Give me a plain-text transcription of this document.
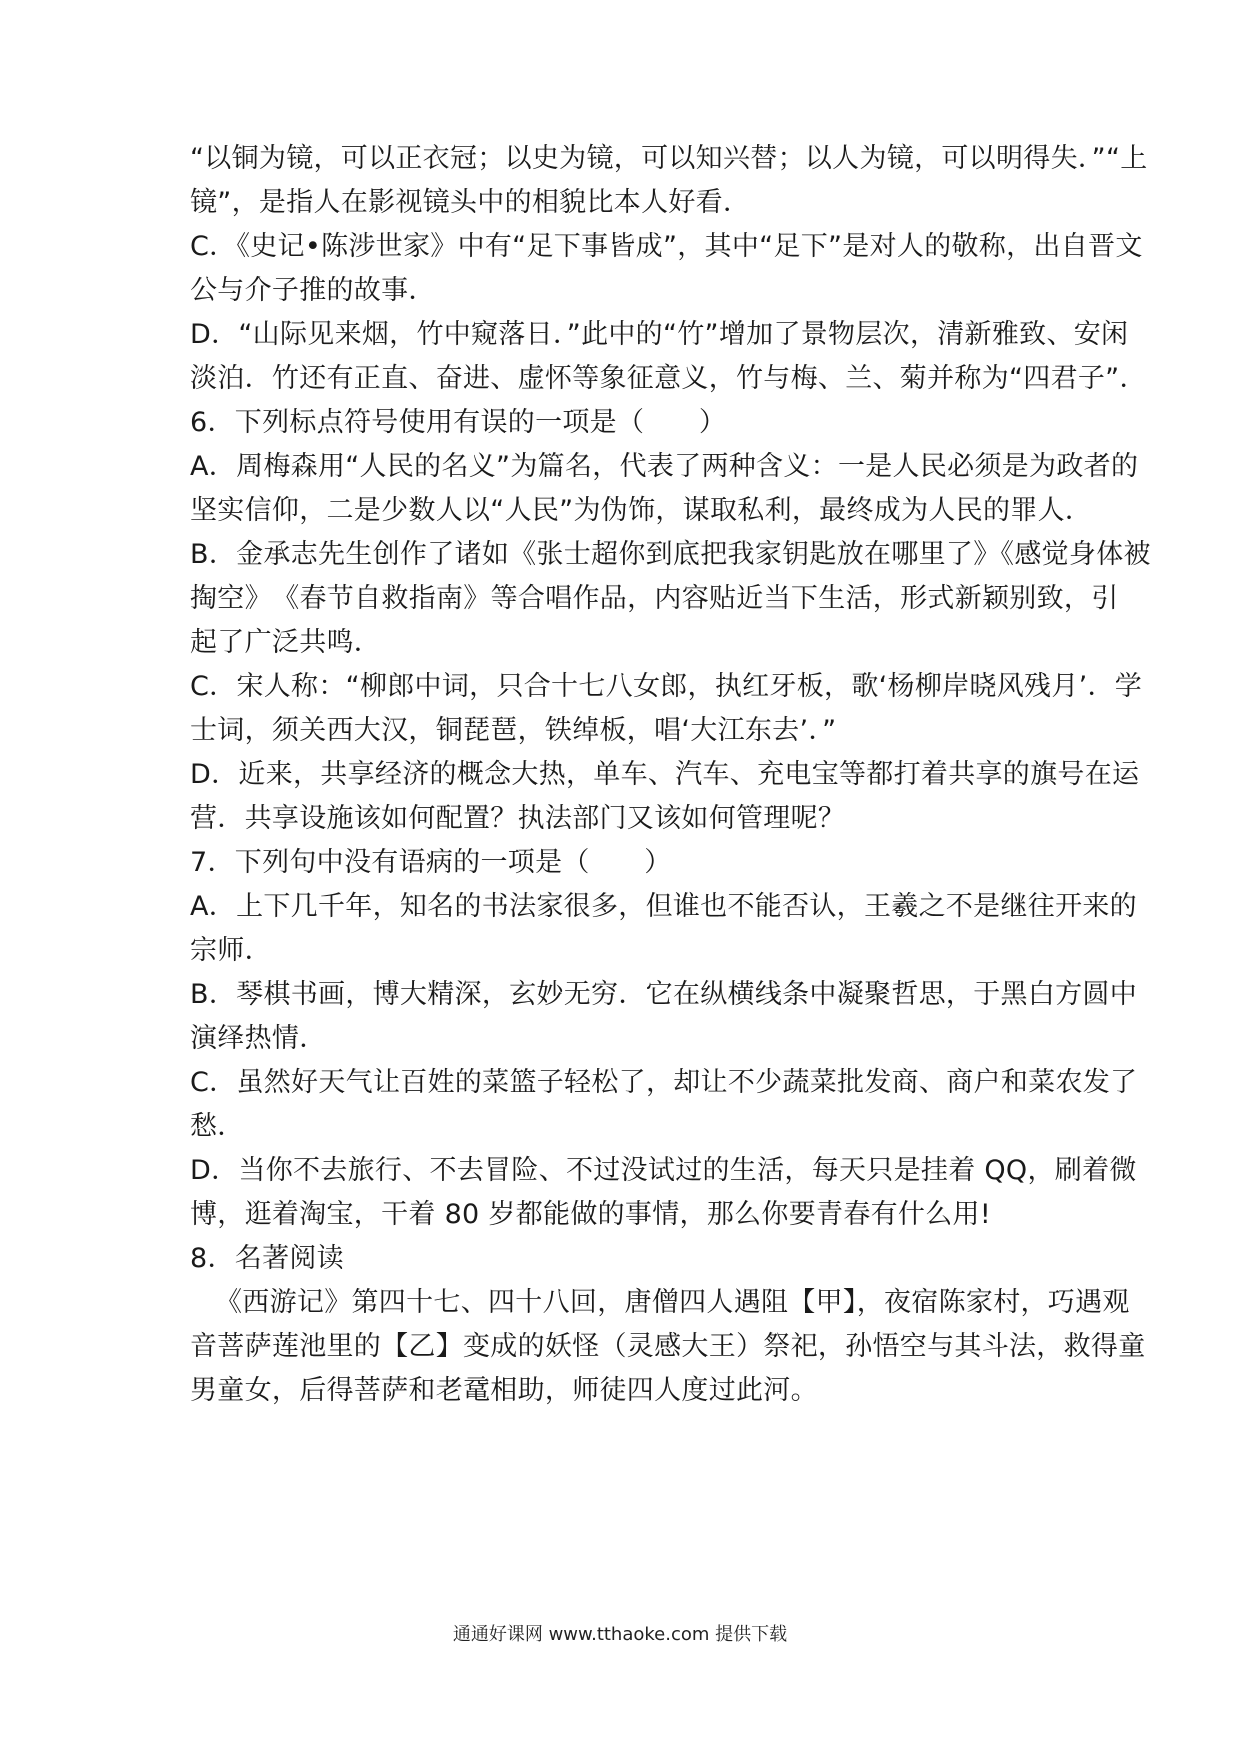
“以铜为镜，可以正衣冠；以史为镜，可以知兴替；以人为镜，可以明得失．”“上
镜”，是指人在影视镜头中的相貌比本人好看．
C．《史记•陈涉世家》中有“足下事皆成”，其中“足下”是对人的敬称，出自晋文
公与介子推的故事．
D．“山际见来烟，竹中窥落日．”此中的“竹”增加了景物层次，清新雅致、安闲
淡泊．竹还有正直、奋进、虚怀等象征意义，竹与梅、兰、菊并称为“四君子”．
6．下列标点符号使用有误的一项是（　　）
A．周梅森用“人民的名义”为篇名，代表了两种含义：一是人民必须是为政者的
坚实信仰，二是少数人以“人民”为伪饰，谋取私利，最终成为人民的罪人．
B．金承志先生创作了诸如《张士超你到底把我家钥匙放在哪里了》《感觉身体被
掏空》　《春节自救指南》等合唱作品，内容贴近当下生活，形式新颖别致，引
起了广泛共鸣．
C．宋人称：“柳郎中词，只合十七八女郎，执红牙板，歌‘杨柳岸晓风残月’．学
士词，须关西大汉，铜琵琶，铁绰板，唱‘大江东去’．”
D．近来，共享经济的概念大热，单车、汽车、充电宝等都打着共享的旗号在运
营．共享设施该如何配置？执法部门又该如何管理呢？
7．下列句中没有语病的一项是（　　）
A．上下几千年，知名的书法家很多，但谁也不能否认，王羲之不是继往开来的
宗师．
B．琴棋书画，博大精深，玄妙无穷．它在纵横线条中凝聚哲思，于黑白方圆中
演绎热情．
C．虽然好天气让百姓的菜篮子轻松了，却让不少蔬菜批发商、商户和菜农发了
愁．
D．当你不去旅行、不去冒险、不过没试过的生活，每天只是挂着 QQ，刷着微
博，逛着淘宝，干着 80 岁都能做的事情，那么你要青春有什么用!
8．名著阅读
《西游记》第四十七、四十八回，唐僧四人遇阻【甲】，夜宿陈家村，巧遇观
音菩萨莲池里的【乙】变成的妖怪（灵感大王）祭祀，孙悟空与其斗法，救得童
男童女，后得菩萨和老鼋相助，师徒四人度过此河。
通通好课网 www.tthaoke.com 提供下载
